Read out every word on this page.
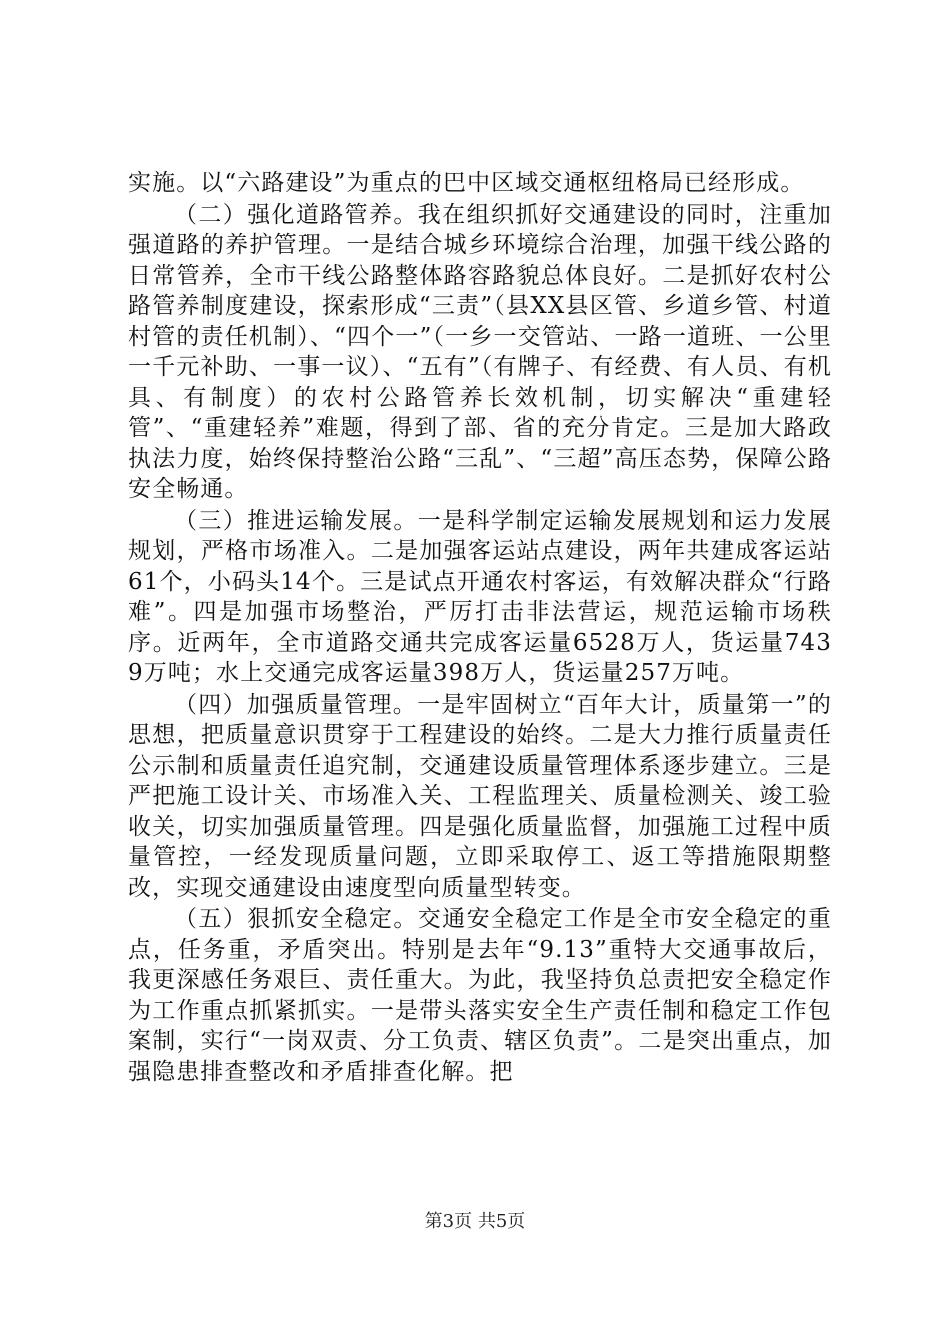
实施。以“六路建设”为重点的巴中区域交通枢纽格局已经形成。

（二）强化道路管养。我在组织抓好交通建设的同时，注重加强道路的养护管理。一是结合城乡环境综合治理，加强干线公路的日常管养，全市干线公路整体路容路貌总体良好。二是抓好农村公路管养制度建设，探索形成“三责”（县XX县区管、乡道乡管、村道村管的责任机制）、“四个一”（一乡一交管站、一路一道班、一公里一千元补助、一事一议）、“五有”（有牌子、有经费、有人员、有机具、有制度）的农村公路管养长效机制，切实解决“重建轻管”、“重建轻养”难题，得到了部、省的充分肯定。三是加大路政执法力度，始终保持整治公路“三乱”、“三超”高压态势，保障公路安全畅通。

（三）推进运输发展。一是科学制定运输发展规划和运力发展规划，严格市场准入。二是加强客运站点建设，两年共建成客运站61个，小码头14个。三是试点开通农村客运，有效解决群众“行路难”。四是加强市场整治，严厉打击非法营运，规范运输市场秩序。近两年，全市道路交通共完成客运量6528万人，货运量7439万吨；水上交通完成客运量398万人，货运量257万吨。

（四）加强质量管理。一是牢固树立“百年大计，质量第一”的思想，把质量意识贯穿于工程建设的始终。二是大力推行质量责任公示制和质量责任追究制，交通建设质量管理体系逐步建立。三是严把施工设计关、市场准入关、工程监理关、质量检测关、竣工验收关，切实加强质量管理。四是强化质量监督，加强施工过程中质量管控，一经发现质量问题，立即采取停工、返工等措施限期整改，实现交通建设由速度型向质量型转变。

（五）狠抓安全稳定。交通安全稳定工作是全市安全稳定的重点，任务重，矛盾突出。特别是去年“9.13”重特大交通事故后，我更深感任务艰巨、责任重大。为此，我坚持负总责把安全稳定作为工作重点抓紧抓实。一是带头落实安全生产责任制和稳定工作包案制，实行“一岗双责、分工负责、辖区负责”。二是突出重点，加强隐患排查整改和矛盾排查化解。把

第3页 共5页
